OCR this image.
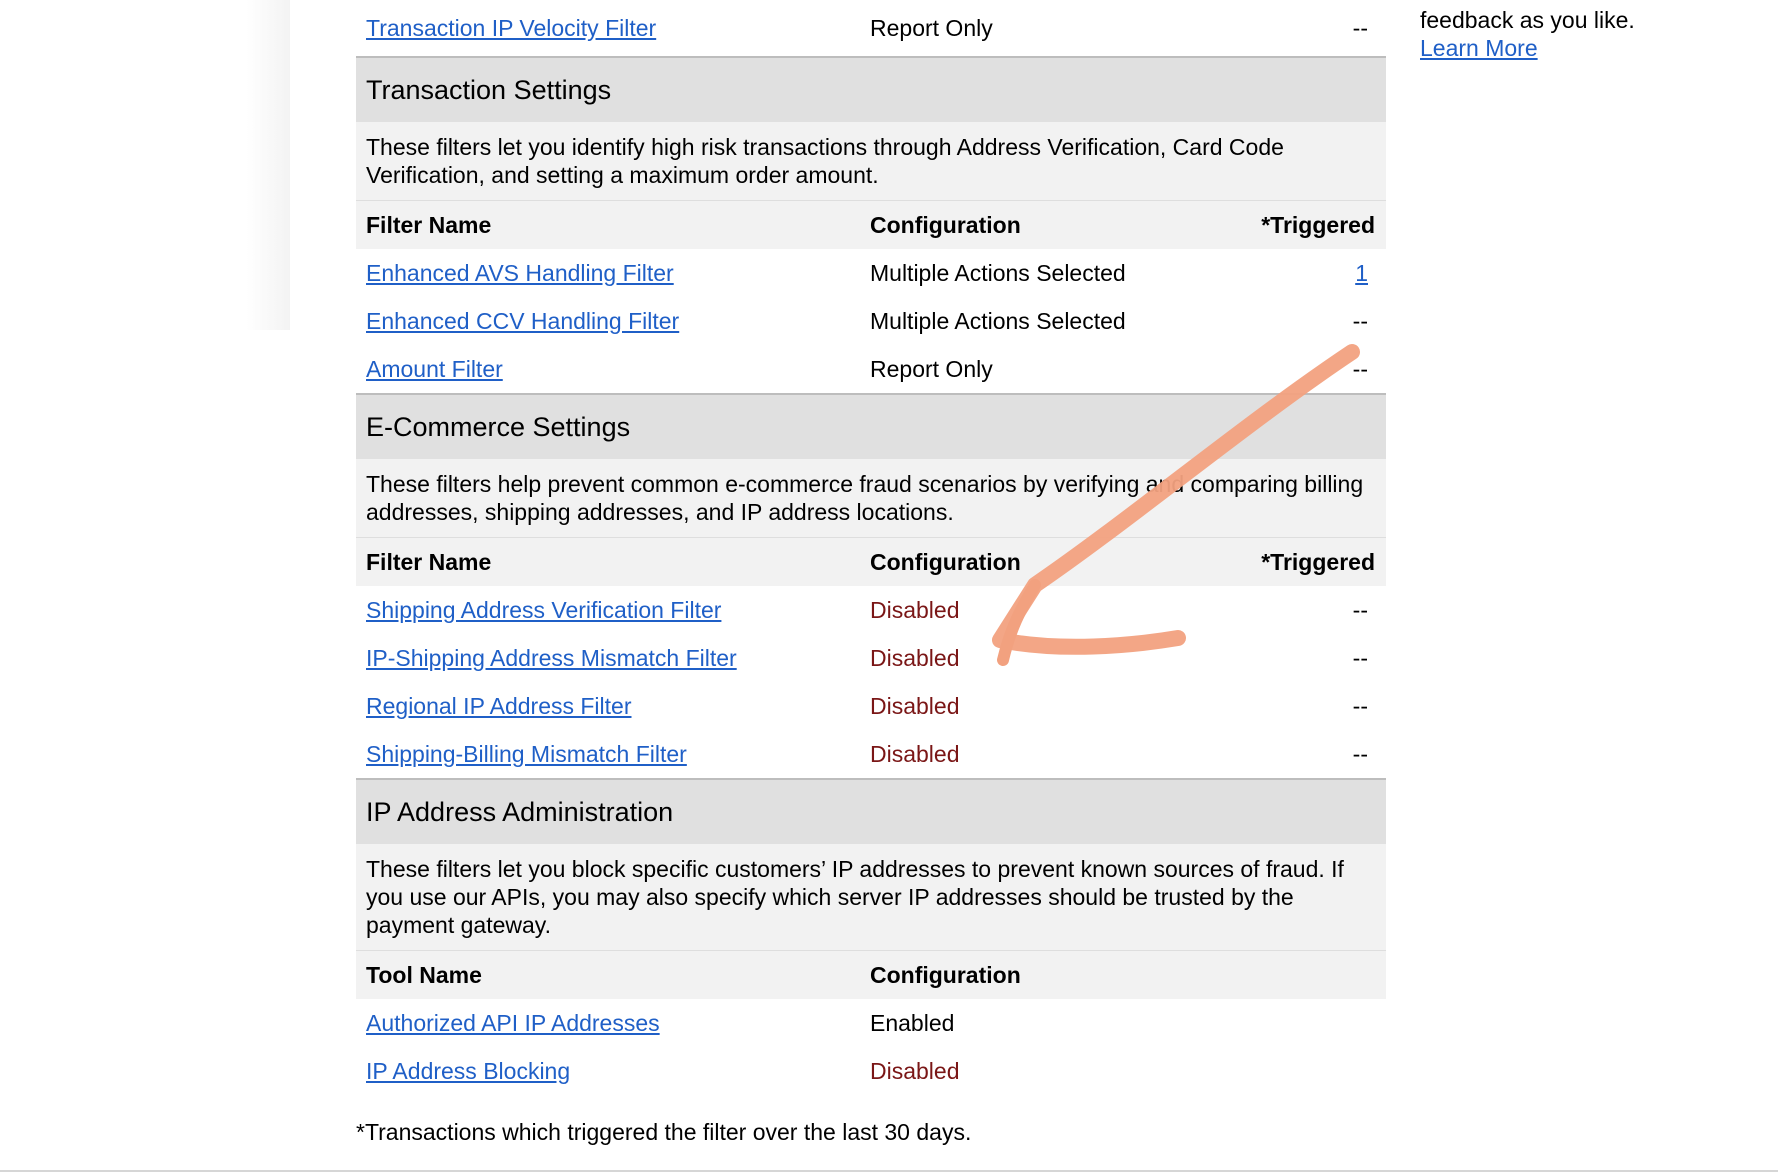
Transaction IP Velocity Filter	Report Only	--
Transaction Settings
These filters let you identify high risk transactions through Address Verification, Card Code Verification, and setting a maximum order amount.
Filter Name	Configuration	*Triggered
Enhanced AVS Handling Filter	Multiple Actions Selected	1
Enhanced CCV Handling Filter	Multiple Actions Selected	--
Amount Filter	Report Only	--
E-Commerce Settings
These filters help prevent common e-commerce fraud scenarios by verifying and comparing billing addresses, shipping addresses, and IP address locations.
Filter Name	Configuration	*Triggered
Shipping Address Verification Filter	Disabled	--
IP-Shipping Address Mismatch Filter	Disabled	--
Regional IP Address Filter	Disabled	--
Shipping-Billing Mismatch Filter	Disabled	--
IP Address Administration
These filters let you block specific customers’ IP addresses to prevent known sources of fraud. If you use our APIs, you may also specify which server IP addresses should be trusted by the payment gateway.
Tool Name	Configuration
Authorized API IP Addresses	Enabled
IP Address Blocking	Disabled
*Transactions which triggered the filter over the last 30 days.
feedback as you like.
Learn More
